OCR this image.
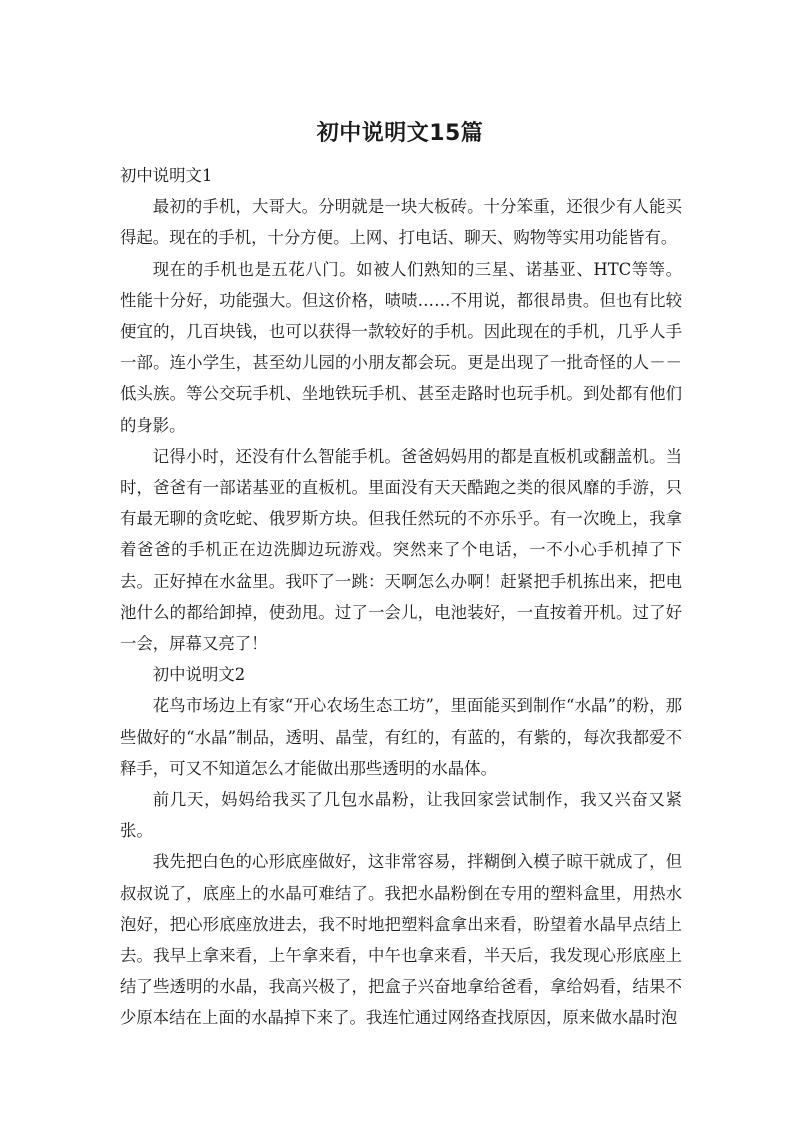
初中说明文15篇

初中说明文1

最初的手机，大哥大。分明就是一块大板砖。十分笨重，还很少有人能买得起。现在的手机，十分方便。上网、打电话、聊天、购物等实用功能皆有。

现在的手机也是五花八门。如被人们熟知的三星、诺基亚、HTC等等。性能十分好，功能强大。但这价格，啧啧……不用说，都很昂贵。但也有比较便宜的，几百块钱，也可以获得一款较好的手机。因此现在的手机，几乎人手一部。连小学生，甚至幼儿园的小朋友都会玩。更是出现了一批奇怪的人－－低头族。等公交玩手机、坐地铁玩手机、甚至走路时也玩手机。到处都有他们的身影。

记得小时，还没有什么智能手机。爸爸妈妈用的都是直板机或翻盖机。当时，爸爸有一部诺基亚的直板机。里面没有天天酷跑之类的很风靡的手游，只有最无聊的贪吃蛇、俄罗斯方块。但我任然玩的不亦乐乎。有一次晚上，我拿着爸爸的手机正在边洗脚边玩游戏。突然来了个电话，一不小心手机掉了下去。正好掉在水盆里。我吓了一跳：天啊怎么办啊！赶紧把手机拣出来，把电池什么的都给卸掉，使劲甩。过了一会儿，电池装好，一直按着开机。过了好一会，屏幕又亮了！

初中说明文2

花鸟市场边上有家“开心农场生态工坊”，里面能买到制作“水晶”的粉，那些做好的“水晶”制品，透明、晶莹，有红的，有蓝的，有紫的，每次我都爱不释手，可又不知道怎么才能做出那些透明的水晶体。

前几天，妈妈给我买了几包水晶粉，让我回家尝试制作，我又兴奋又紧张。

我先把白色的心形底座做好，这非常容易，拌糊倒入模子晾干就成了，但叔叔说了，底座上的水晶可难结了。我把水晶粉倒在专用的塑料盒里，用热水泡好，把心形底座放进去，我不时地把塑料盒拿出来看，盼望着水晶早点结上去。我早上拿来看，上午拿来看，中午也拿来看，半天后，我发现心形底座上结了些透明的水晶，我高兴极了，把盒子兴奋地拿给爸看，拿给妈看，结果不少原本结在上面的水晶掉下来了。我连忙通过网络查找原因，原来做水晶时泡
